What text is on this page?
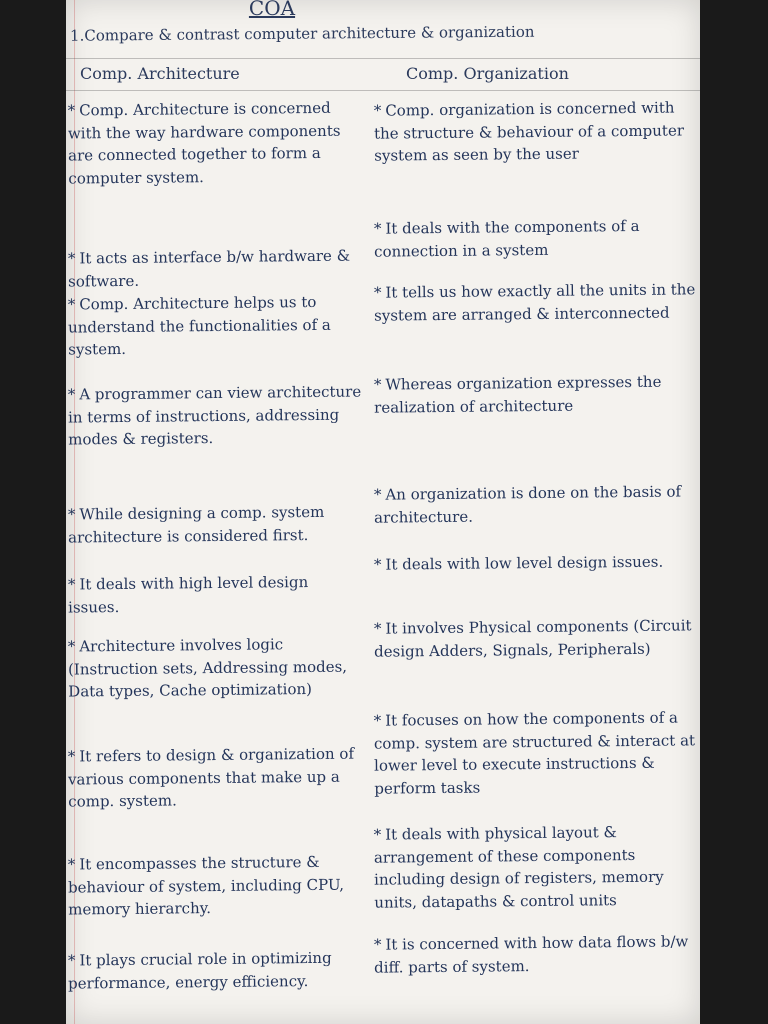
COA
1.Compare & contrast computer architecture & organization
Comp. Architecture	Comp. Organization
* Comp. Architecture is concerned with the way hardware components are connected together to form a computer system.
* It acts as interface b/w hardware & software.
* Comp. Architecture helps us to understand the functionalities of a system.
* A programmer can view architecture in terms of instructions, addressing modes & registers.
* While designing a comp. system architecture is considered first.
* It deals with high level design issues.
* Architecture involves logic (Instruction sets, Addressing modes, Data types, Cache optimization)
* It refers to design & organization of various components that make up a comp. system.
* It encompasses the structure & behaviour of system, including CPU, memory hierarchy.
* It plays crucial role in optimizing performance, energy efficiency.
* Comp. organization is concerned with the structure & behaviour of a computer system as seen by the user
* It deals with the components of a connection in a system
* It tells us how exactly all the units in the system are arranged & interconnected
* Whereas organization expresses the realization of architecture
* An organization is done on the basis of architecture.
* It deals with low level design issues.
* It involves Physical components (Circuit design Adders, Signals, Peripherals)
* It focuses on how the components of a comp. system are structured & interact at lower level to execute instructions & perform tasks
* It deals with physical layout & arrangement of these components including design of registers, memory units, datapaths & control units
* It is concerned with how data flows b/w diff. parts of system.
